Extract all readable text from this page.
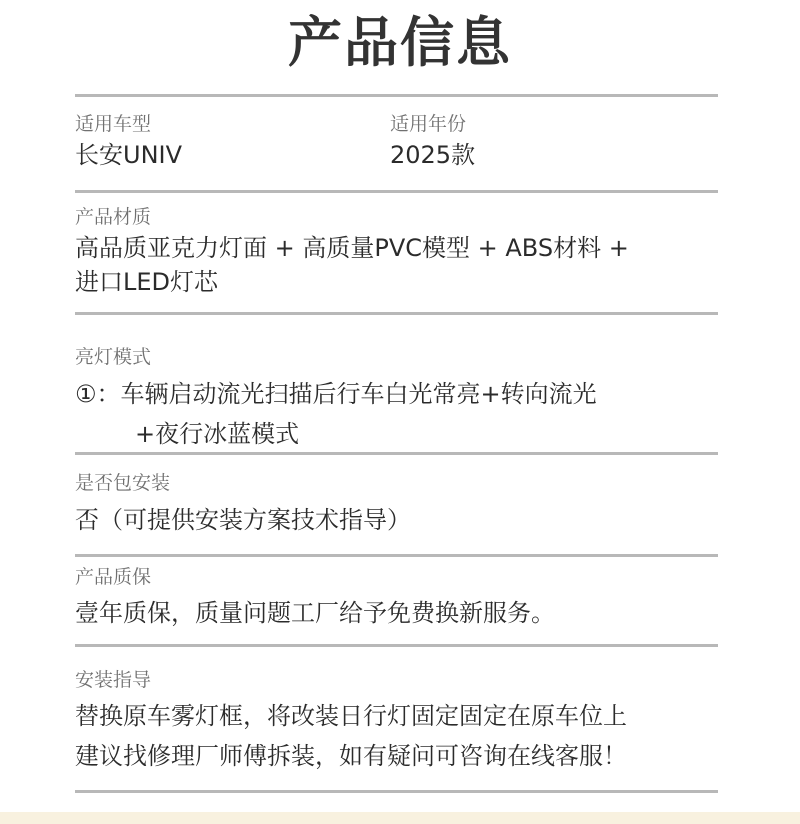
产品信息
适用车型
长安UNIV
适用年份
2025款
产品材质
高品质亚克力灯面 + 高质量PVC模型 + ABS材料 +
进口LED灯芯
亮灯模式
①：车辆启动流光扫描后行车白光常亮+转向流光
+夜行冰蓝模式
是否包安装
否（可提供安装方案技术指导）
产品质保
壹年质保，质量问题工厂给予免费换新服务。
安装指导
替换原车雾灯框，将改装日行灯固定固定在原车位上
建议找修理厂师傅拆装，如有疑问可咨询在线客服！
